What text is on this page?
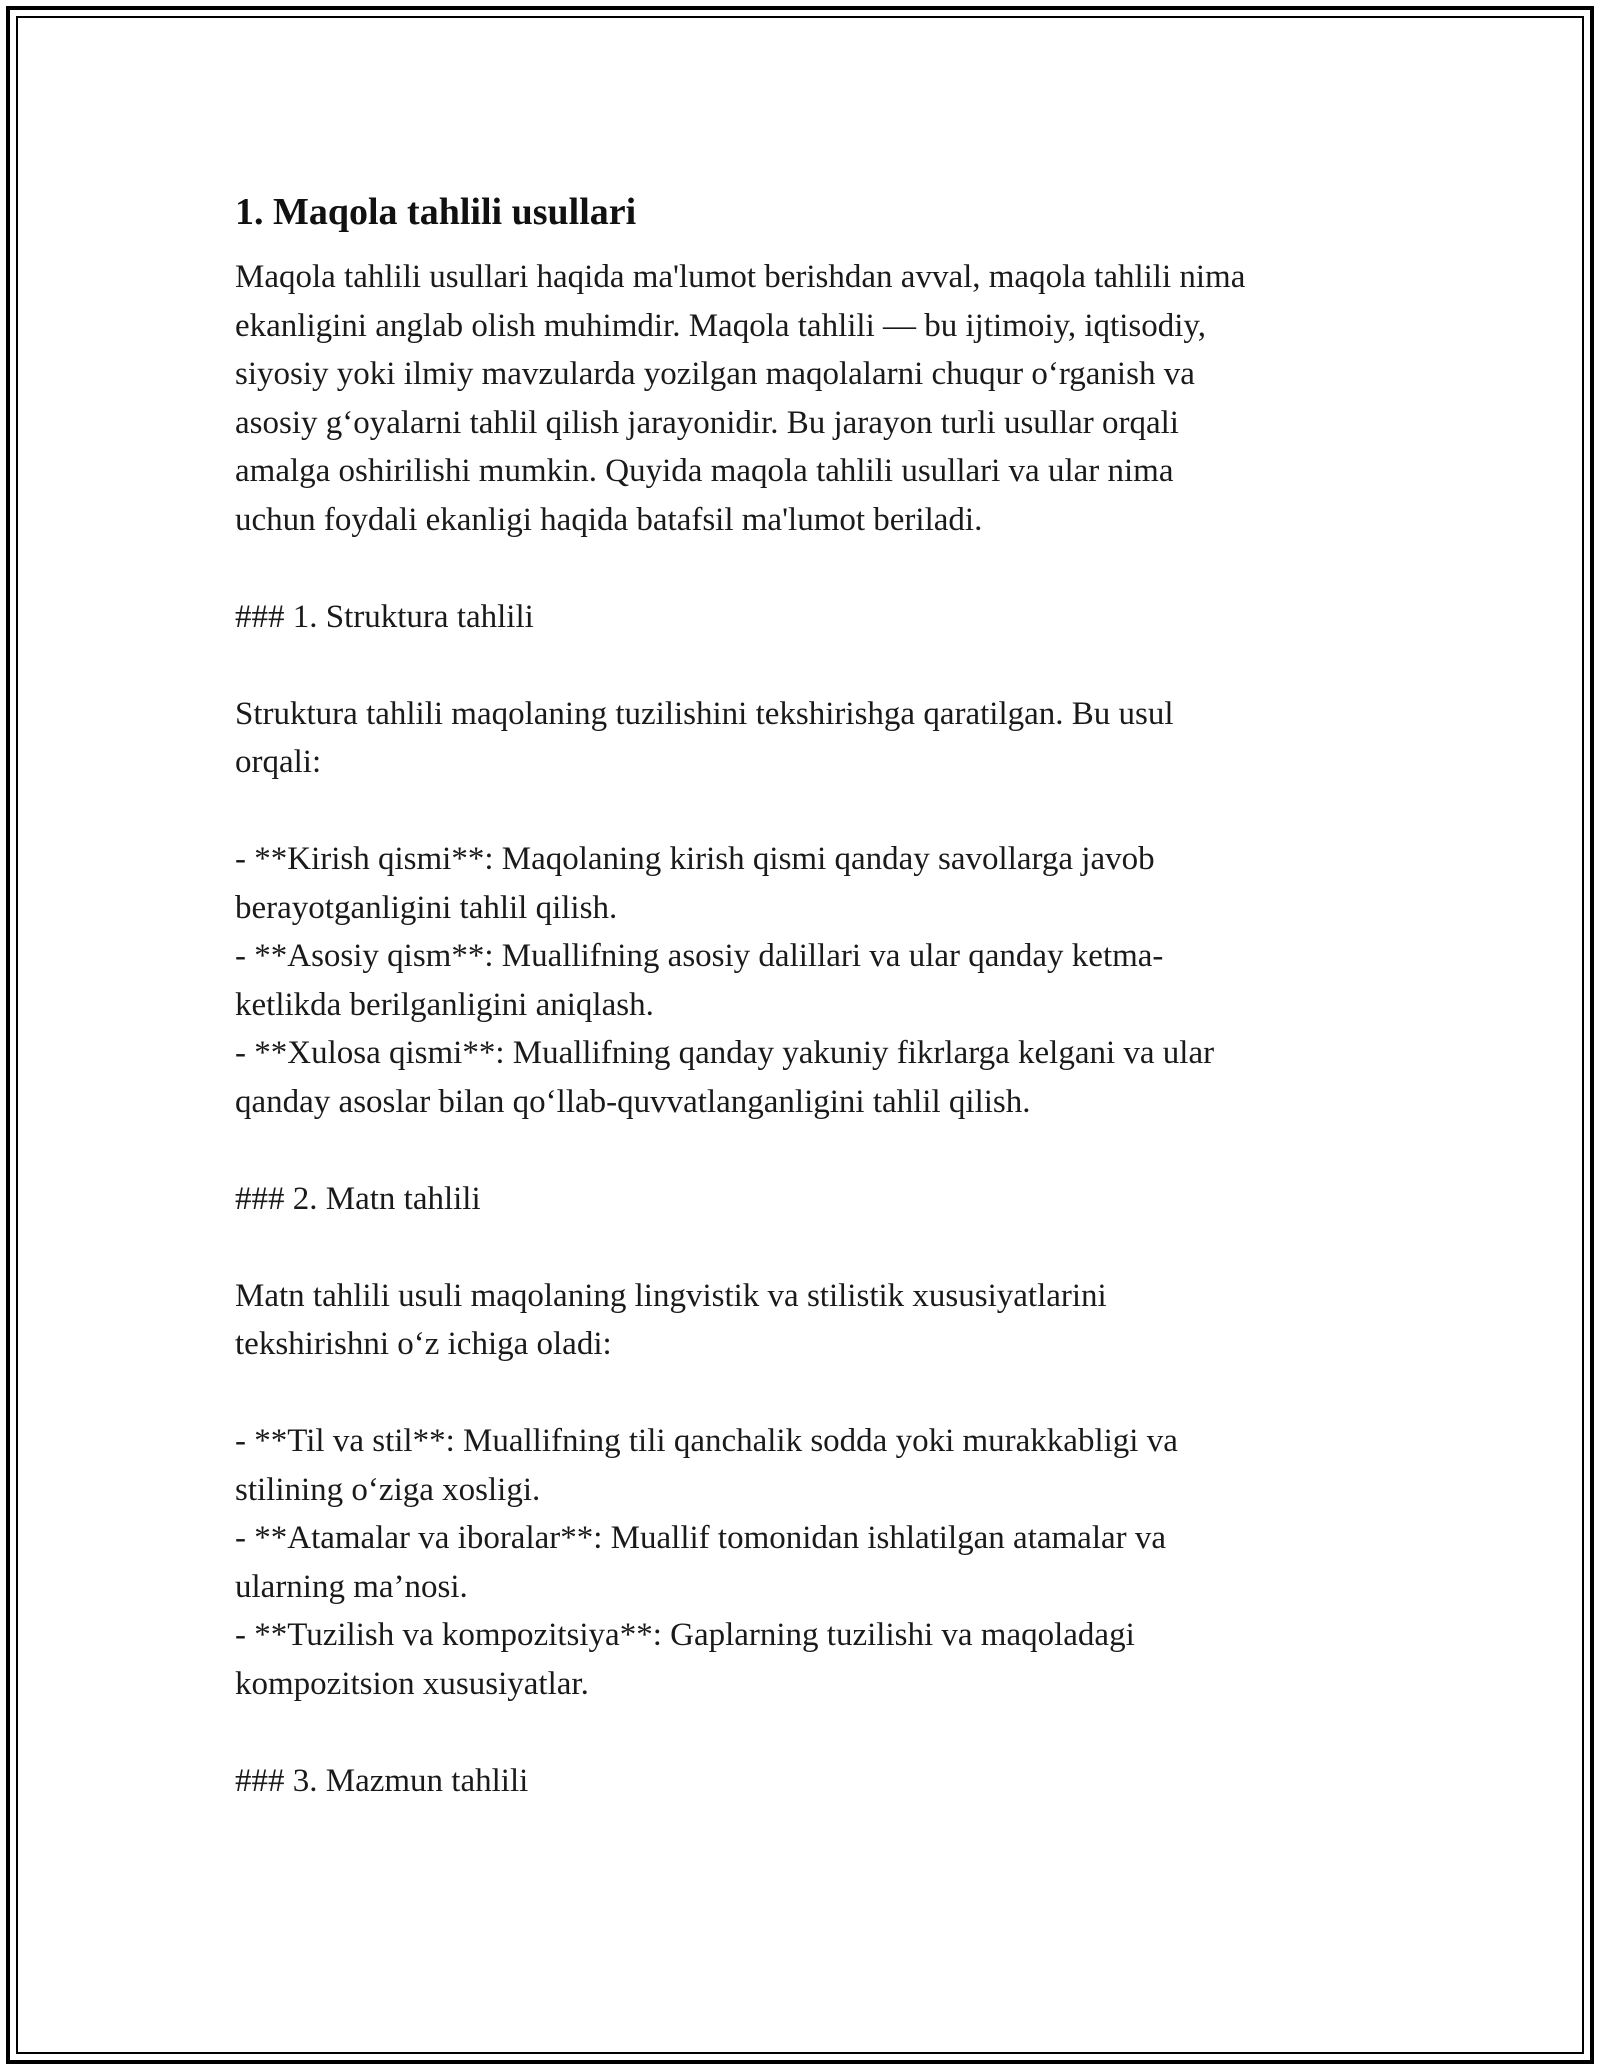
1. Maqola tahlili usullari

Maqola tahlili usullari haqida ma'lumot berishdan avval, maqola tahlili nima
ekanligini anglab olish muhimdir. Maqola tahlili — bu ijtimoiy, iqtisodiy,
siyosiy yoki ilmiy mavzularda yozilgan maqolalarni chuqur o‘rganish va
asosiy g‘oyalarni tahlil qilish jarayonidir. Bu jarayon turli usullar orqali
amalga oshirilishi mumkin. Quyida maqola tahlili usullari va ular nima
uchun foydali ekanligi haqida batafsil ma'lumot beriladi.

### 1. Struktura tahlili

Struktura tahlili maqolaning tuzilishini tekshirishga qaratilgan. Bu usul
orqali:

- **Kirish qismi**: Maqolaning kirish qismi qanday savollarga javob
berayotganligini tahlil qilish.
- **Asosiy qism**: Muallifning asosiy dalillari va ular qanday ketma-
ketlikda berilganligini aniqlash.
- **Xulosa qismi**: Muallifning qanday yakuniy fikrlarga kelgani va ular
qanday asoslar bilan qo‘llab-quvvatlanganligini tahlil qilish.

### 2. Matn tahlili

Matn tahlili usuli maqolaning lingvistik va stilistik xususiyatlarini
tekshirishni o‘z ichiga oladi:

- **Til va stil**: Muallifning tili qanchalik sodda yoki murakkabligi va
stilining o‘ziga xosligi.
- **Atamalar va iboralar**: Muallif tomonidan ishlatilgan atamalar va
ularning ma’nosi.
- **Tuzilish va kompozitsiya**: Gaplarning tuzilishi va maqoladagi
kompozitsion xususiyatlar.

### 3. Mazmun tahlili
